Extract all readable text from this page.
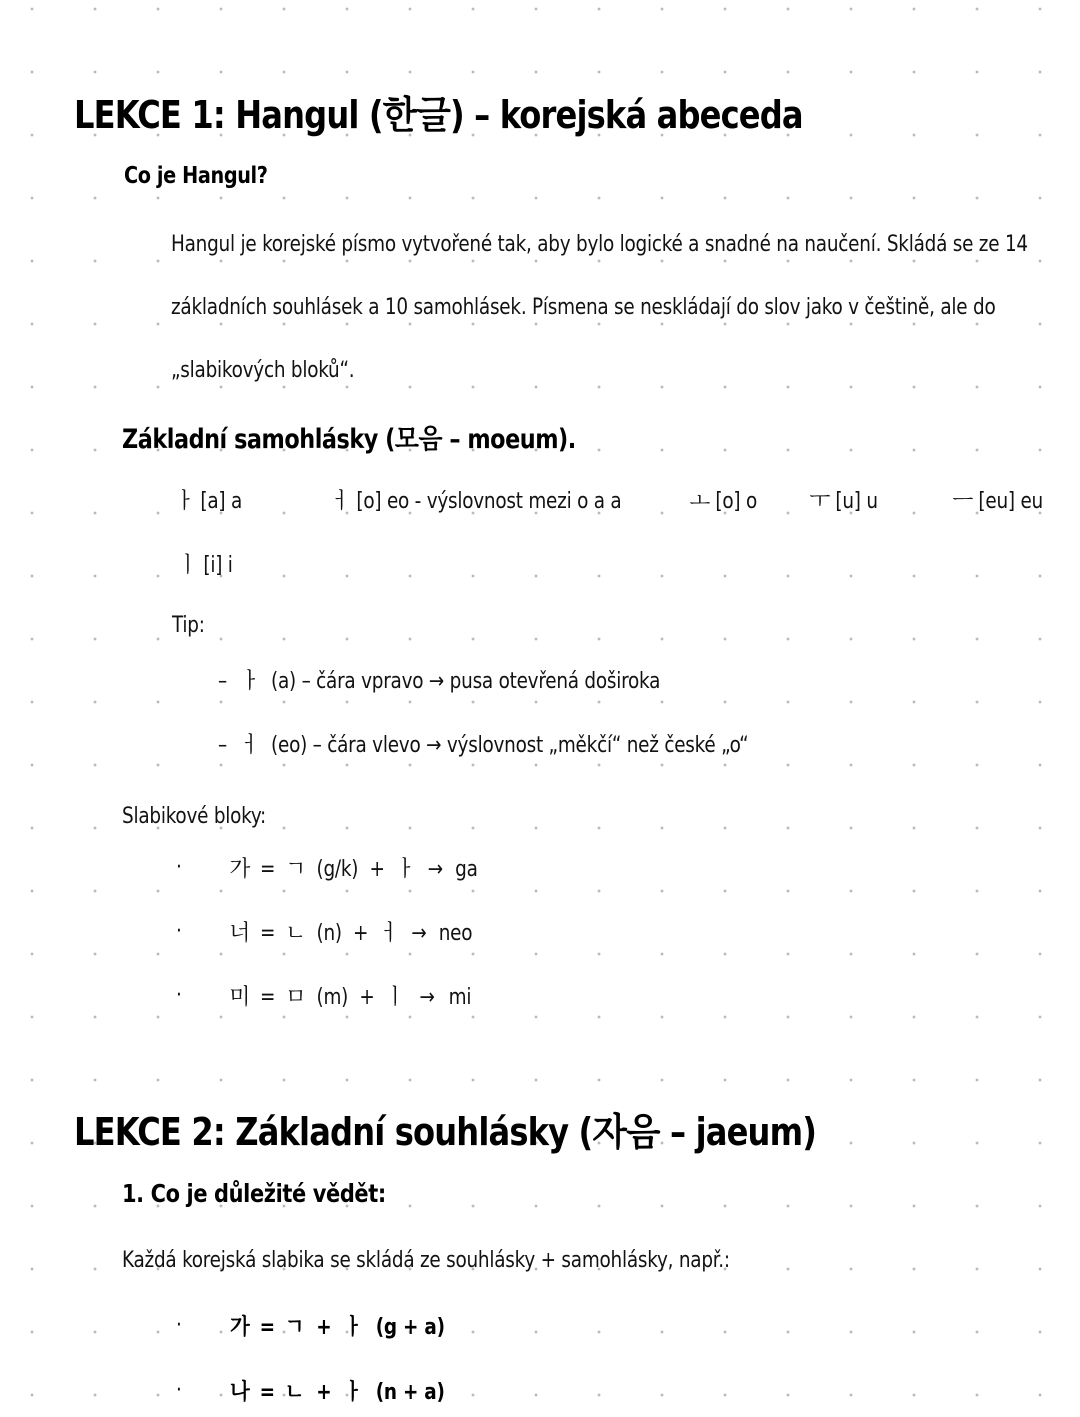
LEKCE 1: Hangul (한글) – korejská abeceda
Co je Hangul?
Hangul je korejské písmo vytvořené tak, aby bylo logické a snadné na naučení. Skládá se ze 14
základních souhlásek a 10 samohlásek. Písmena se neskládají do slov jako v češtině, ale do
„slabikových bloků“.
Základní samohlásky (모음 – moeum).
ㅏ [a] a	ㅓ [o] eo - výslovnost mezi o a a	ㅗ [o] o ㅜ [u] u	ㅡ [eu] eu
ㅣ [i] i
Tip:
– ㅏ (a) – čára vpravo → pusa otevřená doširoka
– ㅓ (eo) – čára vlevo → výslovnost „měkčí“ než české „o“
Slabikové bloky:
· 가 = ㄱ (g/k) + ㅏ → ga
· 너 = ㄴ (n) + ㅓ → neo
· 미 = ㅁ (m) + ㅣ → mi
LEKCE 2: Základní souhlásky (자음 – jaeum)
1. Co je důležité vědět:
Každá korejská slabika se skládá ze souhlásky + samohlásky, např.:
· 가 = ㄱ + ㅏ (g + a)
· 나 = ㄴ + ㅏ (n + a)
